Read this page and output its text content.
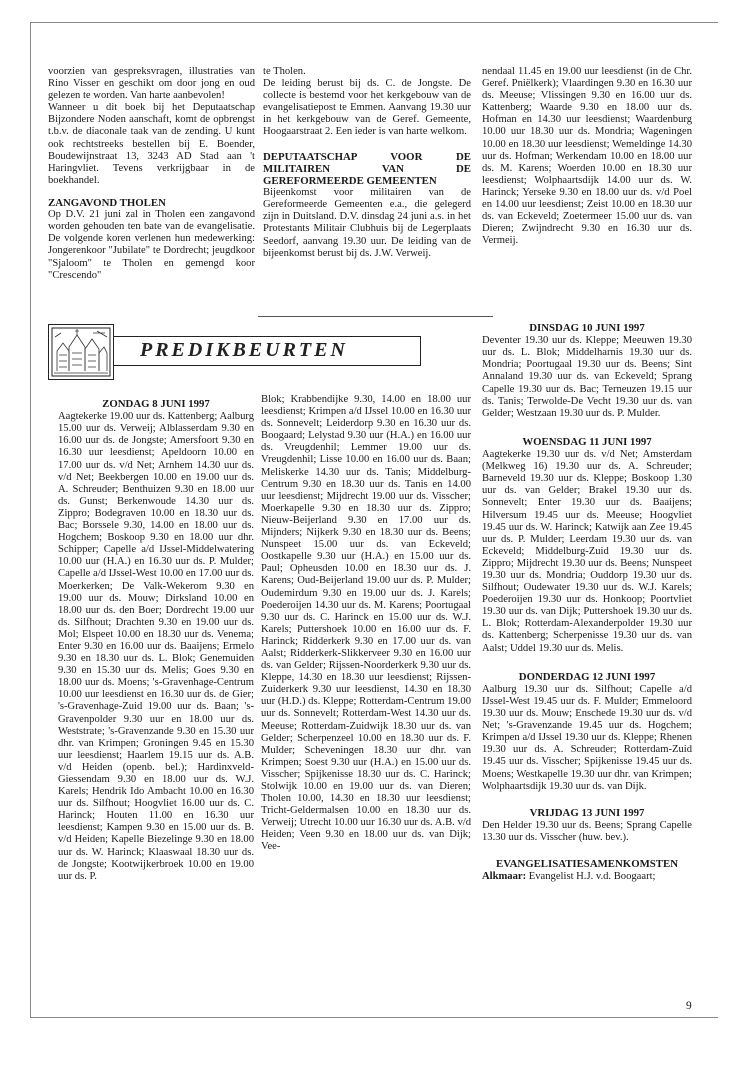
voorzien van gespreksvragen, illustraties van Rino Visser en geschikt om door jong en oud gelezen te worden. Van harte aanbevolen!

Wanneer u dit boek bij het Deputaatschap Bijzondere Noden aanschaft, komt de opbrengst t.b.v. de diaconale taak van de zending. U kunt ook rechtstreeks bestellen bij E. Boender, Boudewijnstraat 13, 3243 AD Stad aan 't Haringvliet. Tevens verkrijgbaar in de boekhandel.

ZANGAVOND THOLEN

Op D.V. 21 juni zal in Tholen een zangavond worden gehouden ten bate van de evangelisatie. De volgende koren verlenen hun medewerking: Jongerenkoor "Jubilate" te Dordrecht; jeugdkoor "Sjaloom" te Tholen en gemengd koor "Crescendo"

te Tholen.

De leiding berust bij ds. C. de Jongste. De collecte is bestemd voor het kerkgebouw van de evangelisatiepost te Emmen. Aanvang 19.30 uur in het kerkgebouw van de Geref. Gemeente, Hoogaarstraat 2. Een ieder is van harte welkom.

DEPUTAATSCHAP VOOR DE MILITAIREN VAN DE GEREFORMEERDE GEMEENTEN

Bijeenkomst voor militairen van de Gereformeerde Gemeenten e.a., die gelegerd zijn in Duitsland. D.V. dinsdag 24 juni a.s. in het Protestants Militair Clubhuis bij de Legerplaats Seedorf, aanvang 19.30 uur. De leiding van de bijeenkomst berust bij ds. J.W. Verweij.

nendaal 11.45 en 19.00 uur leesdienst (in de Chr. Geref. Pniëlkerk); Vlaardingen 9.30 en 16.30 uur ds. Meeuse; Vlissingen 9.30 en 16.00 uur ds. Kattenberg; Waarde 9.30 en 18.00 uur ds. Hofman en 14.30 uur leesdienst; Waardenburg 10.00 uur 18.30 uur ds. Mondria; Wageningen 10.00 en 18.30 uur leesdienst; Wemeldinge 14.30 uur ds. Hofman; Werkendam 10.00 en 18.00 uur ds. M. Karens; Woerden 10.00 en 18.30 uur leesdienst; Wolphaartsdijk 14.00 uur ds. W. Harinck; Yerseke 9.30 en 18.00 uur ds. v/d Poel en 14.00 uur leesdienst; Zeist 10.00 en 18.30 uur ds. van Eckeveld; Zoetermeer 15.00 uur ds. van Dieren; Zwijndrecht 9.30 en 16.30 uur ds. Vermeij.

PREDIKBEURTEN
ZONDAG 8 JUNI 1997

Aagtekerke 19.00 uur ds. Kattenberg; Aalburg 15.00 uur ds. Verweij; Alblasserdam 9.30 en 16.00 uur ds. de Jongste; Amersfoort 9.30 en 16.30 uur leesdienst; Apeldoorn 10.00 en 17.00 uur ds. v/d Net; Arnhem 14.30 uur ds. v/d Net; Beekbergen 10.00 en 19.00 uur ds. A. Schreuder; Benthuizen 9.30 en 18.00 uur ds. Gunst; Berkenwoude 14.30 uur ds. Zippro; Bodegraven 10.00 en 18.30 uur ds. Bac; Borssele 9.30, 14.00 en 18.00 uur ds. Hogchem; Boskoop 9.30 en 18.00 uur dhr. Schipper; Capelle a/d IJssel-Middelwatering 10.00 uur (H.A.) en 16.30 uur ds. P. Mulder; Capelle a/d IJssel-West 10.00 en 17.00 uur ds. Moerkerken; De Valk-Wekerom 9.30 en 19.00 uur ds. Mouw; Dirksland 10.00 en 18.00 uur ds. den Boer; Dordrecht 19.00 uur ds. Silfhout; Drachten 9.30 en 19.00 uur ds. Mol; Elspeet 10.00 en 18.30 uur ds. Venema; Enter 9.30 en 16.00 uur ds. Baaijens; Ermelo 9.30 en 18.30 uur ds. L. Blok; Genemuiden 9.30 en 15.30 uur ds. Melis; Goes 9.30 en 18.00 uur ds. Moens; 's-Gravenhage-Centrum 10.00 uur leesdienst en 16.30 uur ds. de Gier; 's-Gravenhage-Zuid 19.00 uur ds. Baan; 's-Gravenpolder 9.30 uur en 18.00 uur ds. Weststrate; 's-Gravenzande 9.30 en 15.30 uur dhr. van Krimpen; Groningen 9.45 en 15.30 uur leesdienst; Haarlem 19.15 uur ds. A.B. v/d Heiden (openb. bel.); Hardinxveld-Giessendam 9.30 en 18.00 uur ds. W.J. Karels; Hendrik Ido Ambacht 10.00 en 16.30 uur ds. Silfhout; Hoogvliet 16.00 uur ds. C. Harinck; Houten 11.00 en 16.30 uur leesdienst; Kampen 9.30 en 15.00 uur ds. B. v/d Heiden; Kapelle Biezelinge 9.30 en 18.00 uur ds. W. Harinck; Klaaswaal 18.30 uur ds. de Jongste; Kootwijkerbroek 10.00 en 19.00 uur ds. P.

Blok; Krabbendijke 9.30, 14.00 en 18.00 uur leesdienst; Krimpen a/d IJssel 10.00 en 16.30 uur ds. Sonnevelt; Leiderdorp 9.30 en 16.30 uur ds. Boogaard; Lelystad 9.30 uur (H.A.) en 16.00 uur ds. Vreugdenhil; Lemmer 19.00 uur ds. Vreugdenhil; Lisse 10.00 en 16.00 uur ds. Baan; Meliskerke 14.30 uur ds. Tanis; Middelburg-Centrum 9.30 en 18.30 uur ds. Tanis en 14.00 uur leesdienst; Mijdrecht 19.00 uur ds. Visscher; Moerkapelle 9.30 en 18.30 uur ds. Zippro; Nieuw-Beijerland 9.30 en 17.00 uur ds. Mijnders; Nijkerk 9.30 en 18.30 uur ds. Beens; Nunspeet 15.00 uur ds. van Eckeveld; Oostkapelle 9.30 uur (H.A.) en 15.00 uur ds. Paul; Opheusden 10.00 en 18.30 uur ds. J. Karens; Oud-Beijerland 19.00 uur ds. P. Mulder; Oudemirdum 9.30 en 19.00 uur ds. J. Karels; Poederoijen 14.30 uur ds. M. Karens; Poortugaal 9.30 uur ds. C. Harinck en 15.00 uur ds. W.J. Karels; Puttershoek 10.00 en 16.00 uur ds. F. Harinck; Ridderkerk 9.30 en 17.00 uur ds. van Aalst; Ridderkerk-Slikkerveer 9.30 en 16.00 uur ds. van Gelder; Rijssen-Noorderkerk 9.30 uur ds. Kleppe, 14.30 en 18.30 uur leesdienst; Rijssen-Zuiderkerk 9.30 uur leesdienst, 14.30 en 18.30 uur (H.D.) ds. Kleppe; Rotterdam-Centrum 19.00 uur ds. Sonnevelt; Rotterdam-West 14.30 uur ds. Meeuse; Rotterdam-Zuidwijk 18.30 uur ds. van Gelder; Scherpenzeel 10.00 en 18.30 uur ds. F. Mulder; Scheveningen 18.30 uur dhr. van Krimpen; Soest 9.30 uur (H.A.) en 15.00 uur ds. Visscher; Spijkenisse 18.30 uur ds. C. Harinck; Stolwijk 10.00 en 19.00 uur ds. van Dieren; Tholen 10.00, 14.30 en 18.30 uur leesdienst; Tricht-Geldermalsen 10.00 en 18.30 uur ds. Verweij; Utrecht 10.00 uur 16.30 uur ds. A.B. v/d Heiden; Veen 9.30 en 18.00 uur ds. van Dijk; Vee-

DINSDAG 10 JUNI 1997

Deventer 19.30 uur ds. Kleppe; Meeuwen 19.30 uur ds. L. Blok; Middelharnis 19.30 uur ds. Mondria; Poortugaal 19.30 uur ds. Beens; Sint Annaland 19.30 uur ds. van Eckeveld; Sprang Capelle 19.30 uur ds. Bac; Terneuzen 19.15 uur ds. Tanis; Terwolde-De Vecht 19.30 uur ds. van Gelder; Westzaan 19.30 uur ds. P. Mulder.

WOENSDAG 11 JUNI 1997

Aagtekerke 19.30 uur ds. v/d Net; Amsterdam (Melkweg 16) 19.30 uur ds. A. Schreuder; Barneveld 19.30 uur ds. Kleppe; Boskoop 1.30 uur ds. van Gelder; Brakel 19.30 uur ds. Sonnevelt; Enter 19.30 uur ds. Baaijens; Hilversum 19.45 uur ds. Meeuse; Hoogvliet 19.45 uur ds. W. Harinck; Katwijk aan Zee 19.45 uur ds. P. Mulder; Leerdam 19.30 uur ds. van Eckeveld; Middelburg-Zuid 19.30 uur ds. Zippro; Mijdrecht 19.30 uur ds. Beens; Nunspeet 19.30 uur ds. Mondria; Ouddorp 19.30 uur ds. Silfhout; Oudewater 19.30 uur ds. W.J. Karels; Poederoijen 19.30 uur ds. Honkoop; Poortvliet 19.30 uur ds. van Dijk; Puttershoek 19.30 uur ds. L. Blok; Rotterdam-Alexanderpolder 19.30 uur ds. Kattenberg; Scherpenisse 19.30 uur ds. van Aalst; Uddel 19.30 uur ds. Melis.

DONDERDAG 12 JUNI 1997

Aalburg 19.30 uur ds. Silfhout; Capelle a/d IJssel-West 19.45 uur ds. F. Mulder; Emmeloord 19.30 uur ds. Mouw; Enschede 19.30 uur ds. v/d Net; 's-Gravenzande 19.45 uur ds. Hogchem; Krimpen a/d IJssel 19.30 uur ds. Kleppe; Rhenen 19.30 uur ds. A. Schreuder; Rotterdam-Zuid 19.45 uur ds. Visscher; Spijkenisse 19.45 uur ds. Moens; Westkapelle 19.30 uur dhr. van Krimpen; Wolphaartsdijk 19.30 uur ds. van Dijk.

VRIJDAG 13 JUNI 1997

Den Helder 19.30 uur ds. Beens; Sprang Capelle 13.30 uur ds. Visscher (huw. bev.).

EVANGELISATIESAMENKOMSTEN

Alkmaar: Evangelist H.J. v.d. Boogaart;

9
